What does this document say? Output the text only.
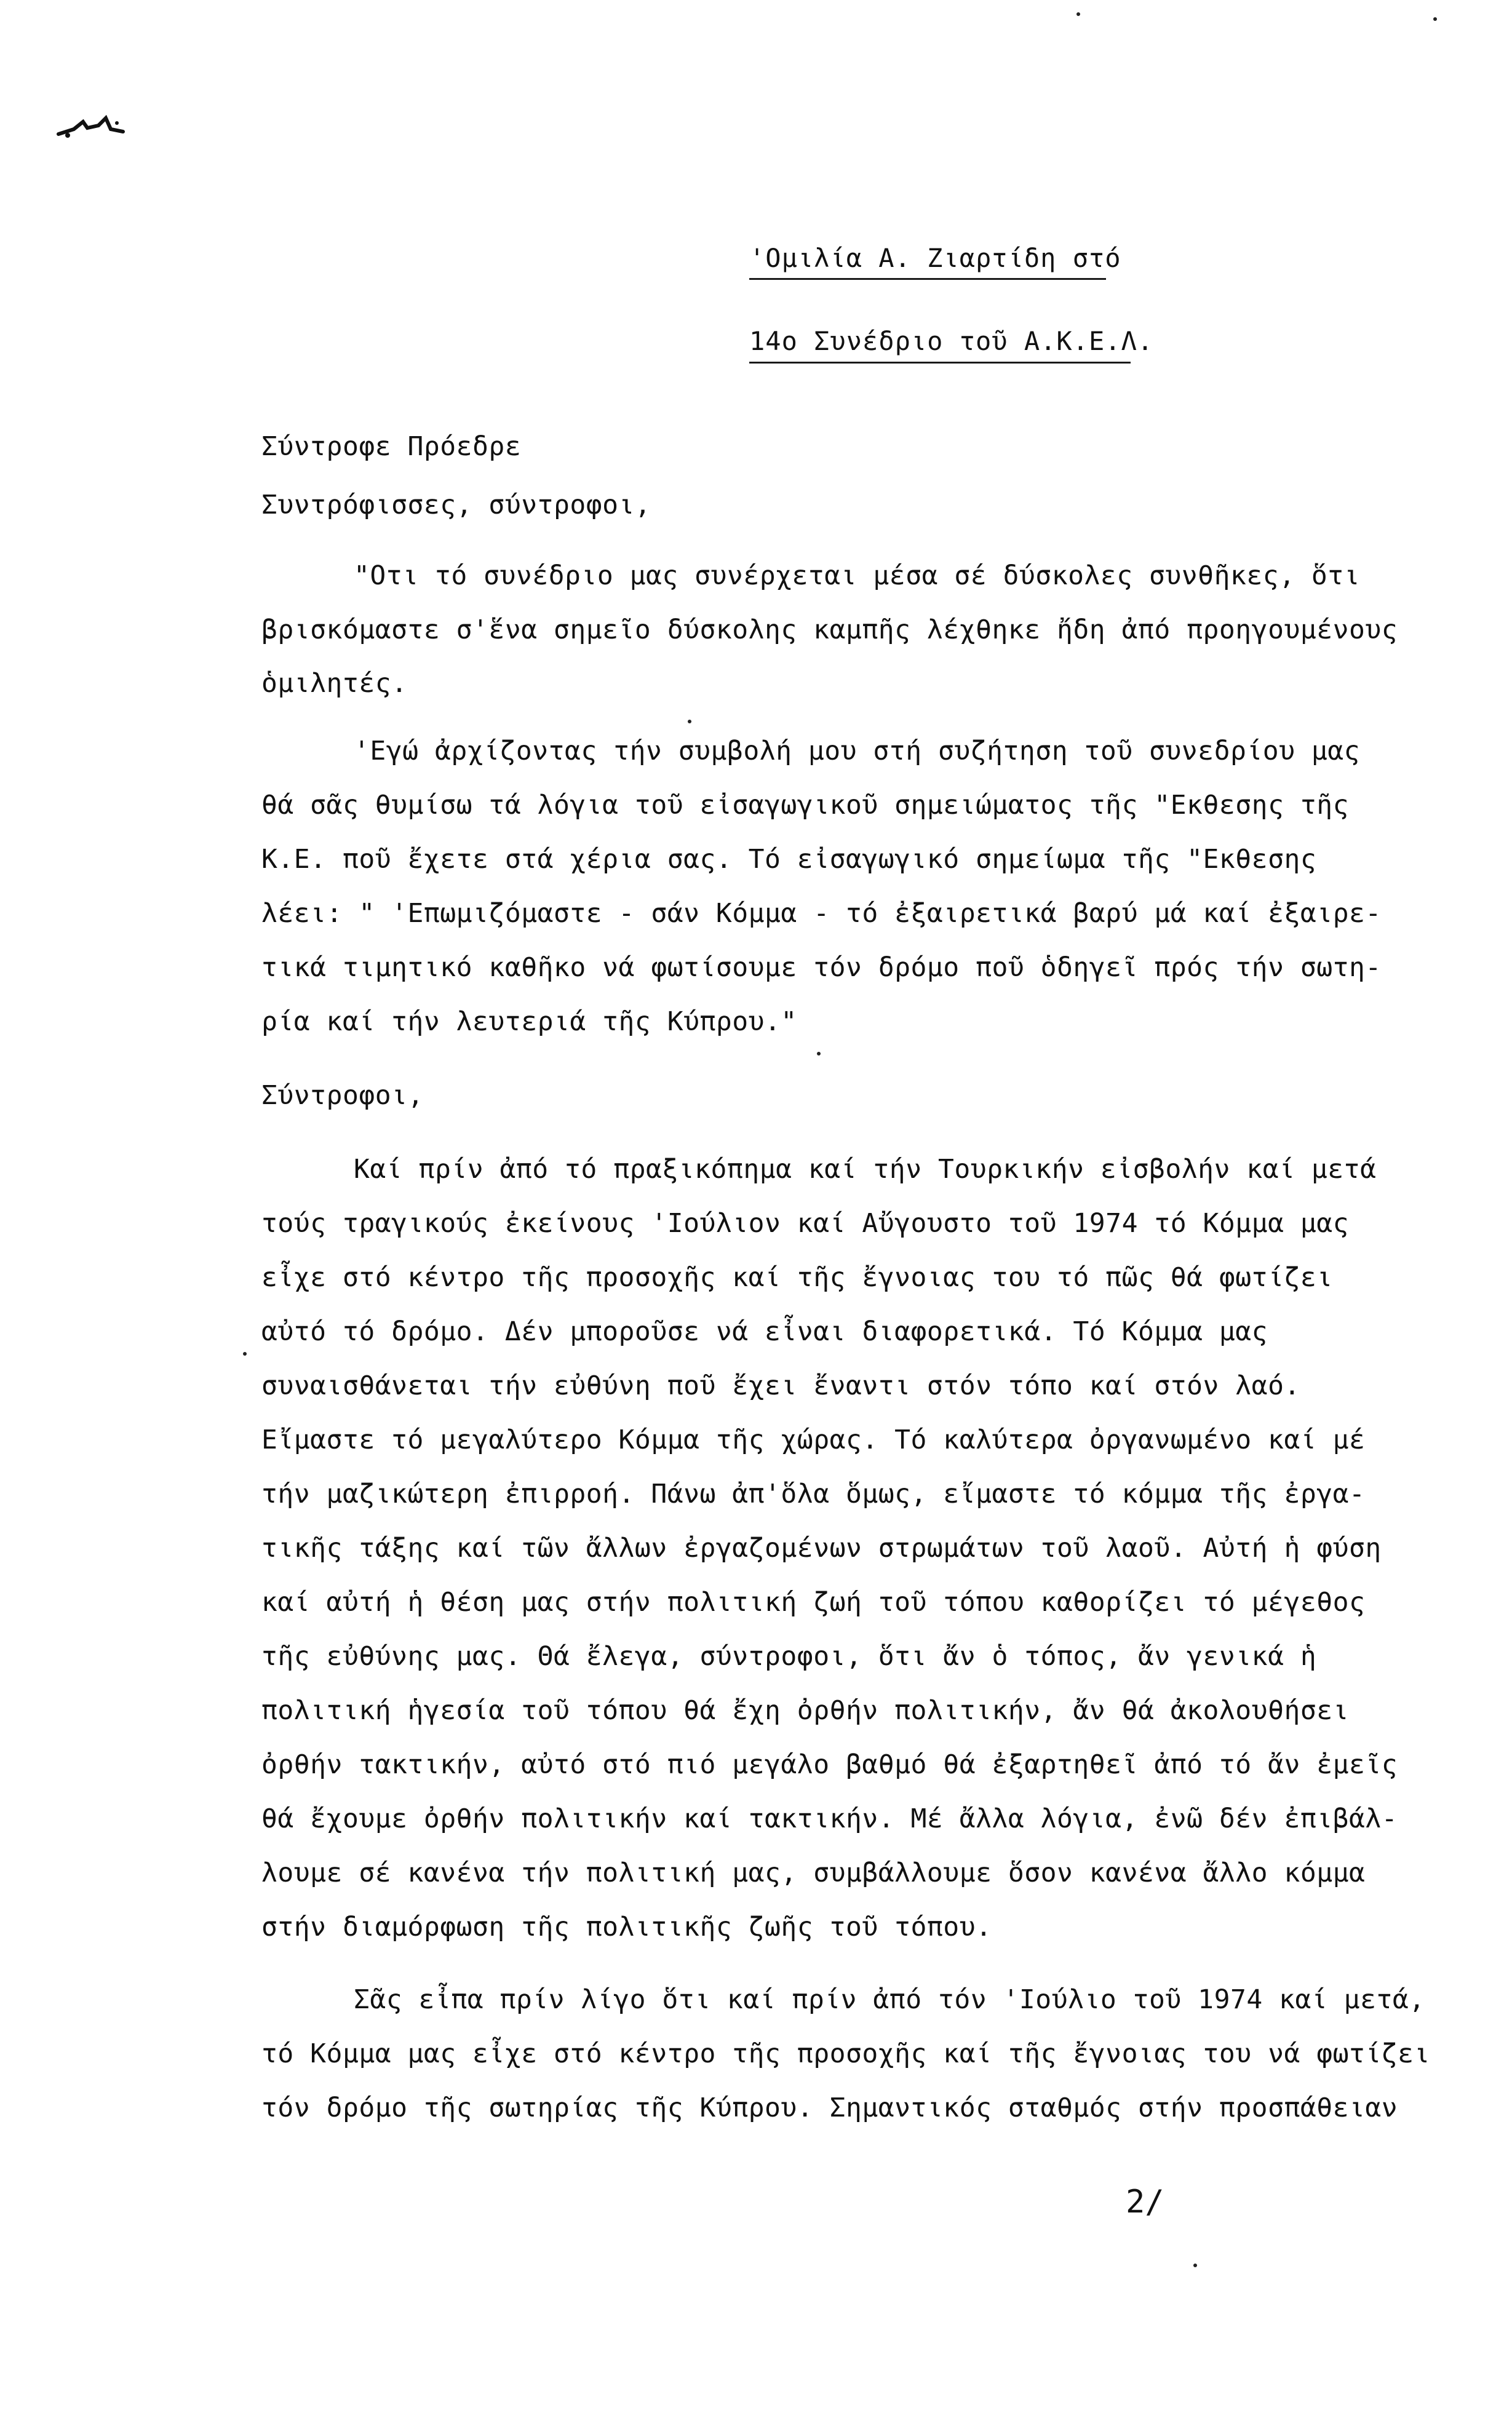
'Ομιλία Α. Ζιαρτίδη στό
14ο Συνέδριο τοῦ Α.Κ.Ε.Λ.
Σύντροφε Πρόεδρε
Συντρόφισσες, σύντροφοι,
"Οτι τό συνέδριο μας συνέρχεται μέσα σέ δύσκολες συνθῆκες, ὅτι
βρισκόμαστε σ'ἕνα σημεῖο δύσκολης καμπῆς λέχθηκε ἤδη ἀπό προηγουμένους
ὁμιλητές.
'Εγώ ἀρχίζοντας τήν συμβολή μου στή συζήτηση τοῦ συνεδρίου μας
θά σᾶς θυμίσω τά λόγια τοῦ εἰσαγωγικοῦ σημειώματος τῆς "Εκθεσης τῆς
Κ.Ε. ποῦ ἔχετε στά χέρια σας. Τό εἰσαγωγικό σημείωμα τῆς "Εκθεσης
λέει: " 'Επωμιζόμαστε - σάν Κόμμα - τό ἐξαιρετικά βαρύ μά καί ἐξαιρε-
τικά τιμητικό καθῆκο νά φωτίσουμε τόν δρόμο ποῦ ὁδηγεῖ πρός τήν σωτη-
ρία καί τήν λευτεριά τῆς Κύπρου."
Σύντροφοι,
Καί πρίν ἀπό τό πραξικόπημα καί τήν Τουρκικήν εἰσβολήν καί μετά
τούς τραγικούς ἐκείνους 'Ιούλιον καί Αὔγουστο τοῦ 1974 τό Κόμμα μας
εἶχε στό κέντρο τῆς προσοχῆς καί τῆς ἔγνοιας του τό πῶς θά φωτίζει
αὐτό τό δρόμο. Δέν μποροῦσε νά εἶναι διαφορετικά. Τό Κόμμα μας
συναισθάνεται τήν εὐθύνη ποῦ ἔχει ἔναντι στόν τόπο καί στόν λαό.
Εἴμαστε τό μεγαλύτερο Κόμμα τῆς χώρας. Τό καλύτερα ὀργανωμένο καί μέ
τήν μαζικώτερη ἐπιρροή. Πάνω ἀπ'ὅλα ὅμως, εἴμαστε τό κόμμα τῆς ἐργα-
τικῆς τάξης καί τῶν ἄλλων ἐργαζομένων στρωμάτων τοῦ λαοῦ. Αὐτή ἡ φύση
καί αὐτή ἡ θέση μας στήν πολιτική ζωή τοῦ τόπου καθορίζει τό μέγεθος
τῆς εὐθύνης μας. Θά ἔλεγα, σύντροφοι, ὅτι ἄν ὁ τόπος, ἄν γενικά ἡ
πολιτική ἡγεσία τοῦ τόπου θά ἔχη ὀρθήν πολιτικήν, ἄν θά ἀκολουθήσει
ὀρθήν τακτικήν, αὐτό στό πιό μεγάλο βαθμό θά ἐξαρτηθεῖ ἀπό τό ἄν ἐμεῖς
θά ἔχουμε ὀρθήν πολιτικήν καί τακτικήν. Μέ ἄλλα λόγια, ἐνῶ δέν ἐπιβάλ-
λουμε σέ κανένα τήν πολιτική μας, συμβάλλουμε ὅσον κανένα ἄλλο κόμμα
στήν διαμόρφωση τῆς πολιτικῆς ζωῆς τοῦ τόπου.
Σᾶς εἶπα πρίν λίγο ὅτι καί πρίν ἀπό τόν 'Ιούλιο τοῦ 1974 καί μετά,
τό Κόμμα μας εἶχε στό κέντρο τῆς προσοχῆς καί τῆς ἔγνοιας του νά φωτίζει
τόν δρόμο τῆς σωτηρίας τῆς Κύπρου. Σημαντικός σταθμός στήν προσπάθειαν
2/
